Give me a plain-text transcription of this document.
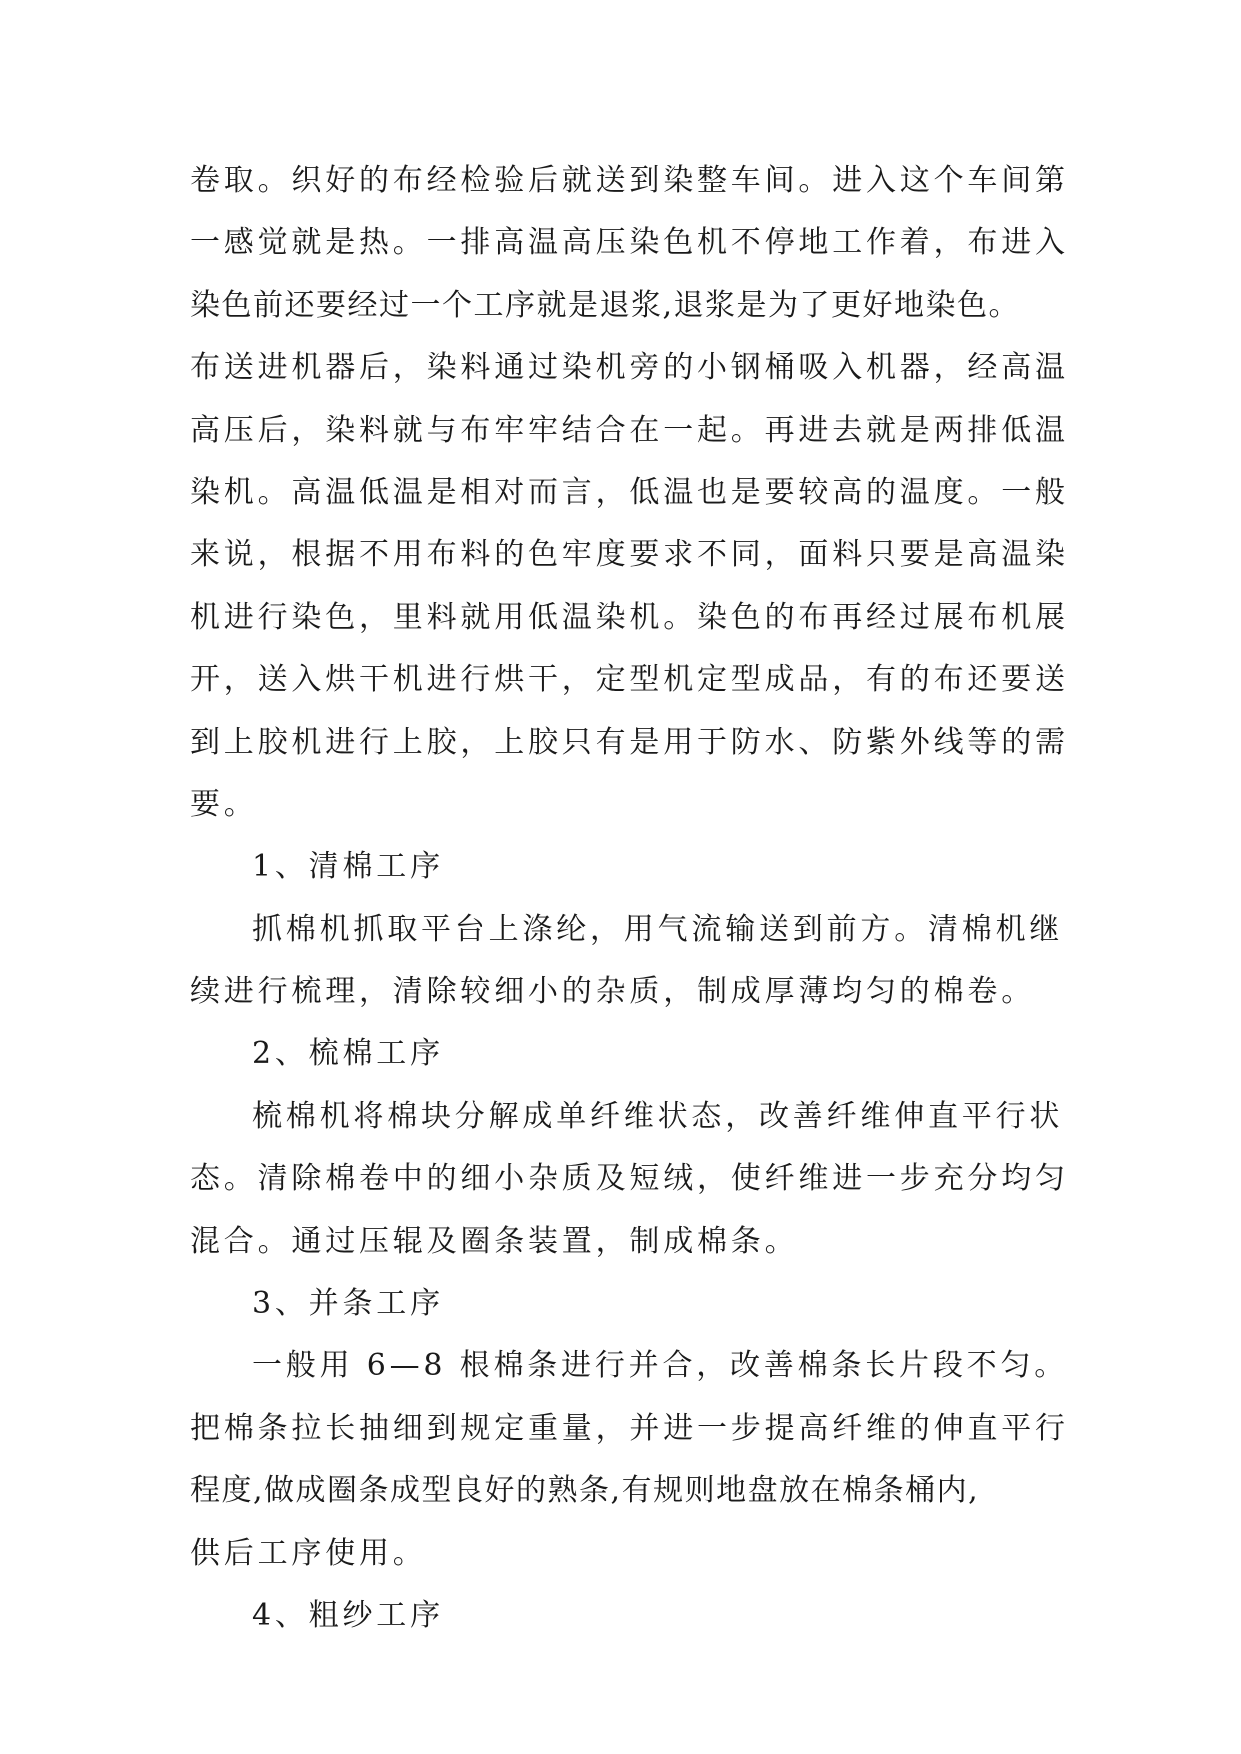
卷取。织好的布经检验后就送到染整车间。进入这个车间第
一感觉就是热。一排高温高压染色机不停地工作着，布进入
染色前还要经过一个工序就是退浆,退浆是为了更好地染色。
布送进机器后，染料通过染机旁的小钢桶吸入机器，经高温
高压后，染料就与布牢牢结合在一起。再进去就是两排低温
染机。高温低温是相对而言，低温也是要较高的温度。一般
来说，根据不用布料的色牢度要求不同，面料只要是高温染
机进行染色，里料就用低温染机。染色的布再经过展布机展
开，送入烘干机进行烘干，定型机定型成品，有的布还要送
到上胶机进行上胶，上胶只有是用于防水、防紫外线等的需
要。
1、清棉工序
抓棉机抓取平台上涤纶，用气流输送到前方。清棉机继
续进行梳理，清除较细小的杂质，制成厚薄均匀的棉卷。
2、梳棉工序
梳棉机将棉块分解成单纤维状态，改善纤维伸直平行状
态。清除棉卷中的细小杂质及短绒，使纤维进一步充分均匀
混合。通过压辊及圈条装置，制成棉条。
3、并条工序
一般用 6—8 根棉条进行并合，改善棉条长片段不匀。
把棉条拉长抽细到规定重量，并进一步提高纤维的伸直平行
程度,做成圈条成型良好的熟条,有规则地盘放在棉条桶内,
供后工序使用。
4、粗纱工序
